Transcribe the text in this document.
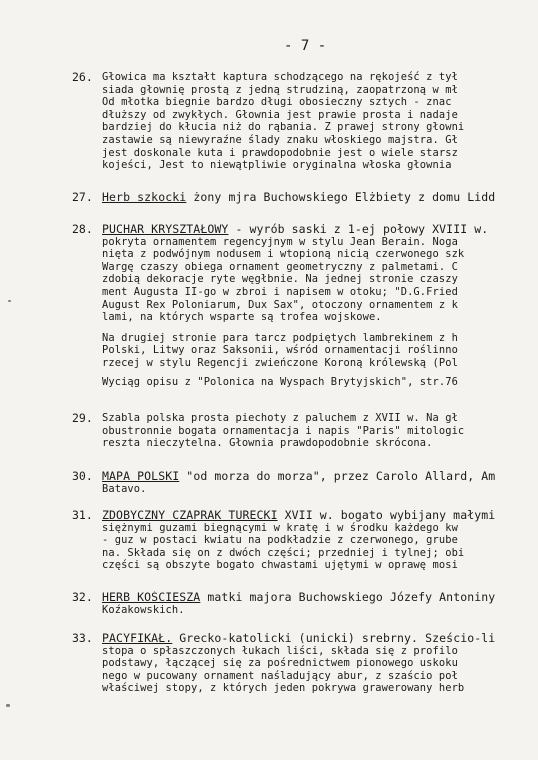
- 7 -
26. Głowica ma kształt kaptura schodzącego na rękojeść z tył
siada głownię prostą z jedną strudziną, zaopatrzoną w mł
Od młotka biegnie bardzo długi obosieczny sztych - znac
dłuższy od zwykłych. Głownia jest prawie prosta i nadaje
bardziej do kłucia niż do rąbania. Z prawej strony głowni
zastawie są niewyraźne ślady znaku włoskiego majstra. Gł
jest doskonale kuta i prawdopodobnie jest o wiele starsz
kojeści, Jest to niewątpliwie oryginalna włoska głownia
27. Herb szkocki żony mjra Buchowskiego Elżbiety z domu Lidd
28. PUCHAR KRYSZTAŁOWY - wyrób saski z 1-ej połowy XVIII w.
pokryta ornamentem regencyjnym w stylu Jean Berain. Noga
nięta z podwójnym nodusem i wtopioną nicią czerwonego szk
Wargę czaszy obiega ornament geometryczny z palmetami. C
zdobią dekoracje ryte węgłbnie. Na jednej stronie czaszy
ment Augusta II-go w zbroi i napisem w otoku; "D.G.Fried
August Rex Poloniarum, Dux Sax", otoczony ornamentem z k
lami, na których wsparte są trofea wojskowe.
Na drugiej stronie para tarcz podpiętych lambrekinem z h
Polski, Litwy oraz Saksonii, wśród ornamentacji roślinno
rzecej w stylu Regencji zwieńczone Koroną królewską (Pol
Wyciąg opisu z "Polonica na Wyspach Brytyjskich", str.76
29. Szabla polska prosta piechoty z paluchem z XVII w. Na gł
obustronnie bogata ornamentacja i napis "Paris" mitologic
reszta nieczytelna. Głownia prawdopodobnie skrócona.
30. MAPA POLSKI "od morza do morza", przez Carolo Allard, Am
Batavo.
31. ZDOBYCZNY CZAPRAK TURECKI XVII w. bogato wybijany małymi
siężnymi guzami biegnącymi w kratę i w środku każdego kw
- guz w postaci kwiatu na podkładzie z czerwonego, grube
na. Składa się on z dwóch części; przedniej i tylnej; obi
części są obszyte bogato chwastami ujętymi w oprawę mosi
32. HERB KOŚCIESZA matki majora Buchowskiego Józefy Antoniny
Koźakowskich.
33. PACYFIKAŁ. Grecko-katolicki (unicki) srebrny. Sześcio-li
stopa o spłaszczonych łukach liści, składa się z profilo
podstawy, łączącej się za pośrednictwem pionowego uskoku
nego w pucowany ornament naśladujący abur, z szaścio poł
właściwej stopy, z których jeden pokrywa grawerowany herb
